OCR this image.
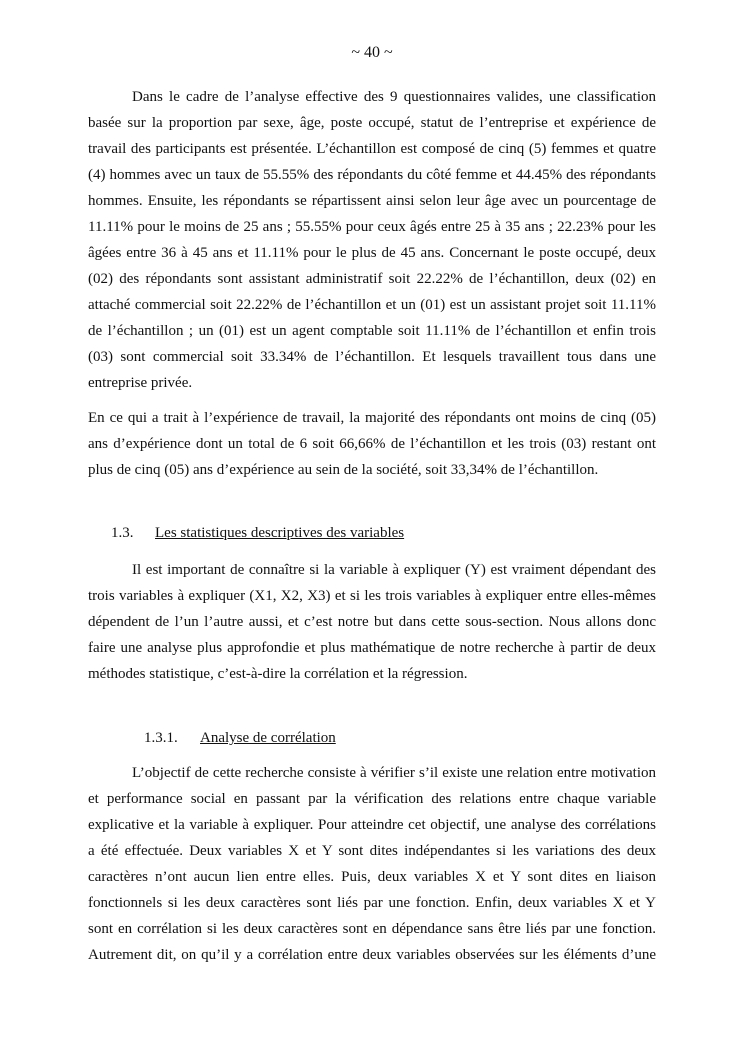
~ 40 ~
Dans le cadre de l’analyse effective des 9 questionnaires valides, une classification
basée sur la proportion par sexe, âge, poste occupé, statut de l’entreprise et expérience de
travail des participants est présentée. L’échantillon est composé de cinq (5) femmes et quatre
(4) hommes avec un taux de 55.55% des répondants du côté femme et 44.45% des répondants
hommes. Ensuite, les répondants se répartissent ainsi selon leur âge avec un pourcentage de
11.11% pour le moins de 25 ans ; 55.55% pour ceux âgés entre 25 à 35 ans ; 22.23% pour les
âgées entre 36 à 45 ans et 11.11% pour le plus de 45 ans. Concernant le poste occupé, deux
(02) des répondants sont assistant administratif soit 22.22% de l’échantillon, deux (02) en
attaché commercial soit 22.22% de l’échantillon et un (01) est un assistant projet soit 11.11%
de l’échantillon ; un (01) est un agent comptable soit 11.11% de l’échantillon et enfin trois
(03) sont commercial soit 33.34% de l’échantillon. Et lesquels travaillent tous dans une
entreprise privée.
En ce qui a trait à l’expérience de travail, la majorité des répondants ont moins de cinq (05)
ans d’expérience dont un total de 6 soit 66,66% de l’échantillon et les trois (03) restant ont
plus de cinq (05) ans d’expérience au sein de la société, soit 33,34% de l’échantillon.
1.3. Les statistiques descriptives des variables
Il est important de connaître si la variable à expliquer (Y) est vraiment dépendant des
trois variables à expliquer (X1, X2, X3) et si les trois variables à expliquer entre elles-mêmes
dépendent de l’un l’autre aussi, et c’est notre but dans cette sous-section. Nous allons donc
faire une analyse plus approfondie et plus mathématique de notre recherche à partir de deux
méthodes statistique, c’est-à-dire la corrélation et la régression.
1.3.1. Analyse de corrélation
L’objectif de cette recherche consiste à vérifier s’il existe une relation entre motivation
et performance social en passant par la vérification des relations entre chaque variable
explicative et la variable à expliquer. Pour atteindre cet objectif, une analyse des corrélations
a été effectuée. Deux variables X et Y sont dites indépendantes si les variations des deux
caractères n’ont aucun lien entre elles. Puis, deux variables X et Y sont dites en liaison
fonctionnels si les deux caractères sont liés par une fonction. Enfin, deux variables X et Y
sont en corrélation si les deux caractères sont en dépendance sans être liés par une fonction.
Autrement dit, on qu’il y a corrélation entre deux variables observées sur les éléments d’une
